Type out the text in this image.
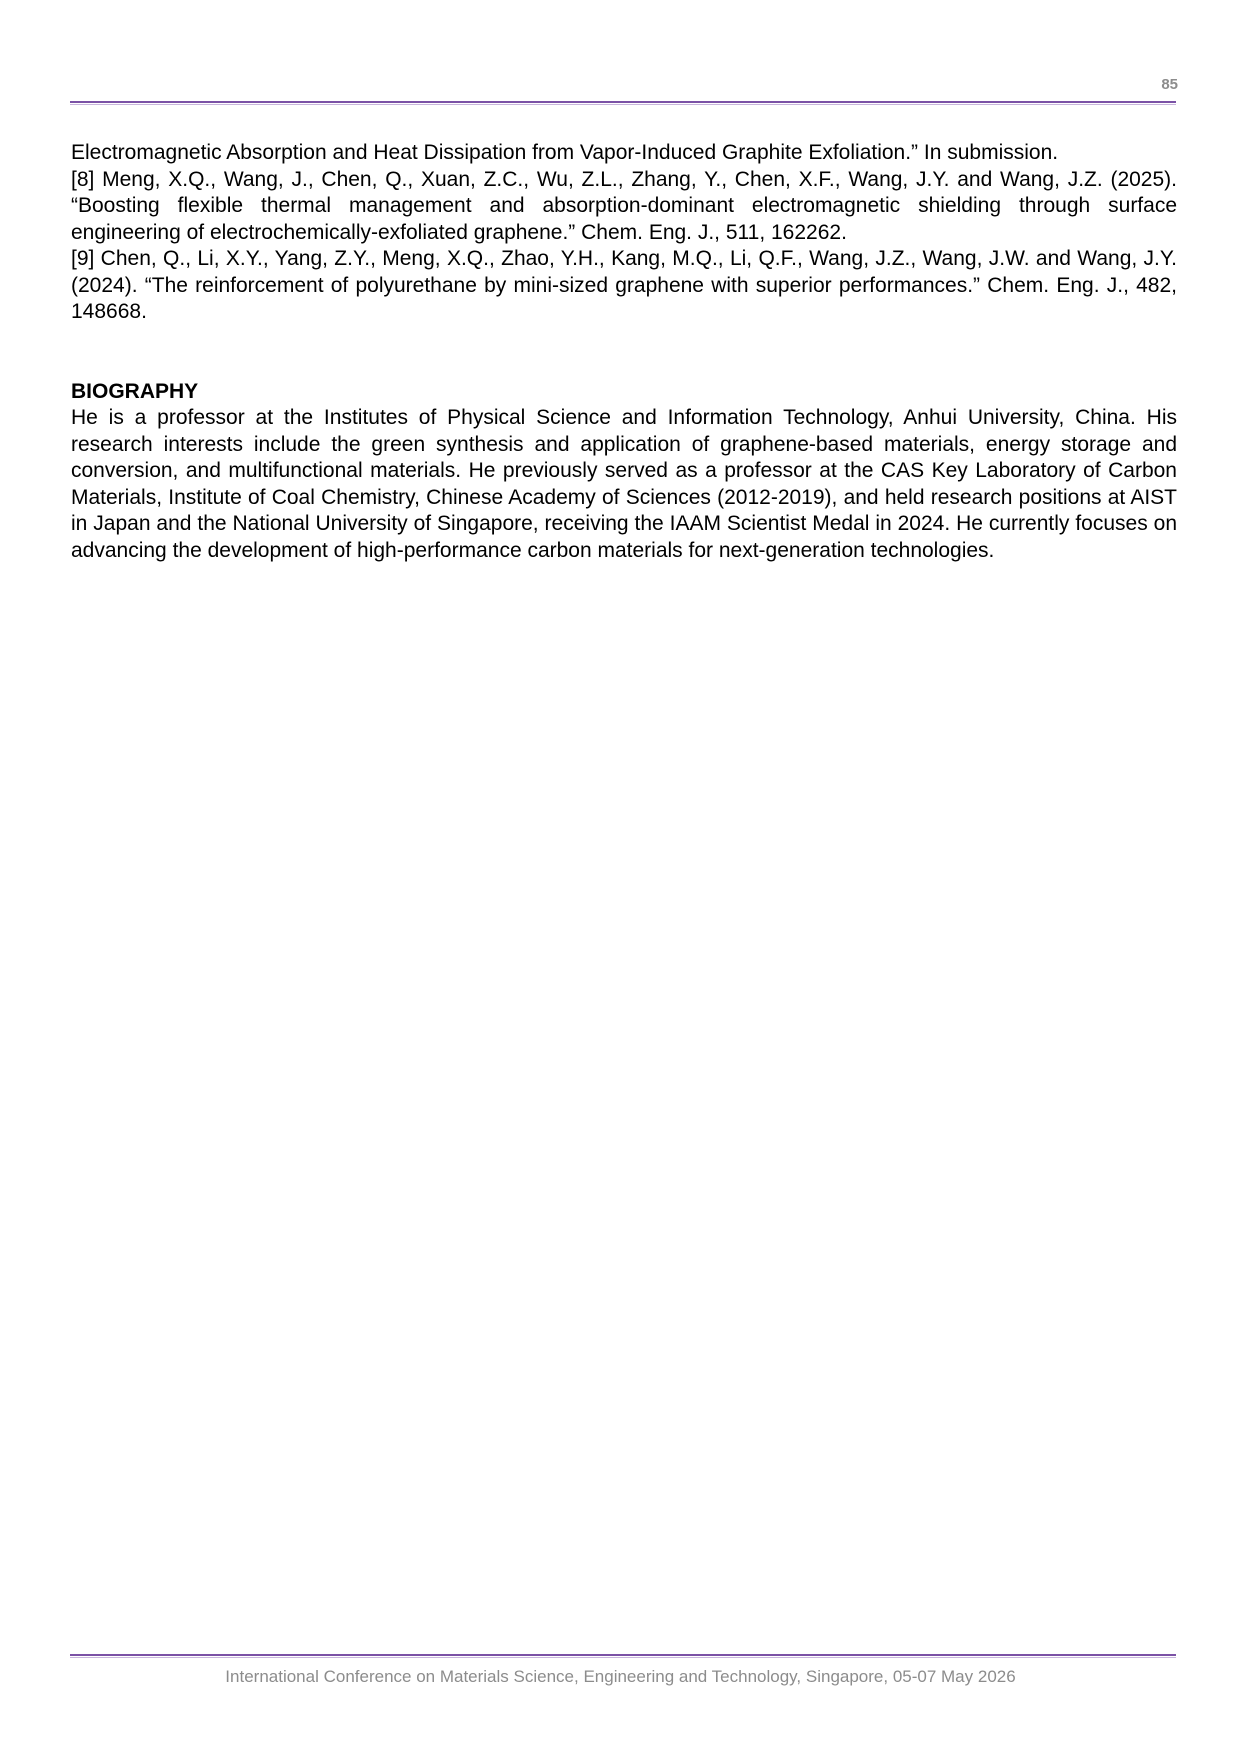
85

Electromagnetic Absorption and Heat Dissipation from Vapor-Induced Graphite Exfoliation.” In submission.

[8] Meng, X.Q., Wang, J., Chen, Q., Xuan, Z.C., Wu, Z.L., Zhang, Y., Chen, X.F., Wang, J.Y. and Wang, J.Z. (2025). “Boosting flexible thermal management and absorption-dominant electromagnetic shielding through surface engineering of electrochemically-exfoliated graphene.” Chem. Eng. J., 511, 162262.

[9] Chen, Q., Li, X.Y., Yang, Z.Y., Meng, X.Q., Zhao, Y.H., Kang, M.Q., Li, Q.F., Wang, J.Z., Wang, J.W. and Wang, J.Y. (2024). “The reinforcement of polyurethane by mini-sized graphene with superior performances.” Chem. Eng. J., 482, 148668.

BIOGRAPHY

He is a professor at the Institutes of Physical Science and Information Technology, Anhui University, China. His research interests include the green synthesis and application of graphene-based materials, energy storage and conversion, and multifunctional materials. He previously served as a professor at the CAS Key Laboratory of Carbon Materials, Institute of Coal Chemistry, Chinese Academy of Sciences (2012-2019), and held research positions at AIST in Japan and the National University of Singapore, receiving the IAAM Scientist Medal in 2024. He currently focuses on advancing the development of high-performance carbon materials for next-generation technologies.

International Conference on Materials Science, Engineering and Technology, Singapore, 05-07 May 2026
